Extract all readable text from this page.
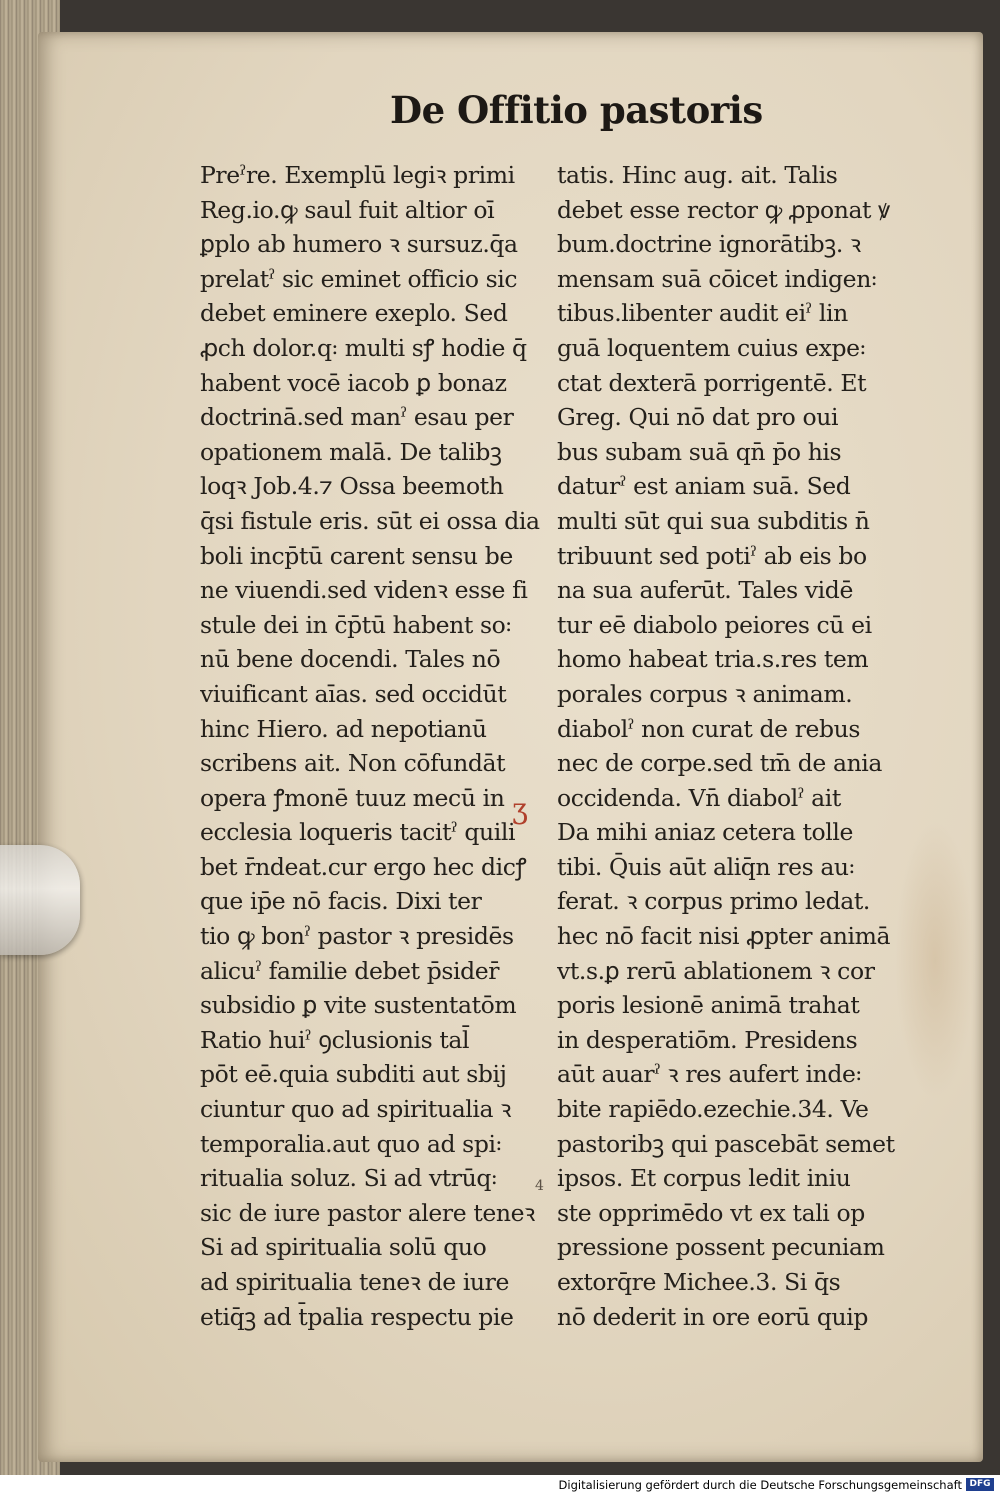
De Offitio pastoris
Preˀre. Exemplū legiꝛ primi
Reg.io.ꝙ saul fuit altior oī
ꝑplo ab humero ꝛ sursuz.q̄a
prelatˀ sic eminet officio sic
debet eminere exeplo. Sed
ꝓch dolor.q꞉ multi sꝭ hodie q̄
habent vocē iacob ꝑ bonaz
doctrinā.sed manˀ esau per
opationem malā. De talibꝫ
loqꝛ Job.4.⁊ Ossa beemoth
q̄si fistule eris. sūt ei ossa dia
boli incp̄tū carent sensu be
ne viuendi.sed videnꝛ esse fi
stule dei in c̄p̄tū habent so꞉
nū bene docendi. Tales nō
viuificant aīas. sed occidūt
hinc Hiero. ad nepotianū
scribens ait. Non cōfundāt
opera ꝭmonē tuuz mecū in
ecclesia loqueris tacitˀ quili
bet r̄ndeat.cur ergo hec dicꝭ
que ip̄e nō facis. Dixi ter
tio ꝙ bonˀ pastor ꝛ presidēs
alicuˀ familie debet p̄sider̄
subsidio ꝑ vite sustentatōm
Ratio huiˀ ꝯclusionis tal̄
pōt eē.quia subditi aut sbij
ciuntur quo ad spiritualia ꝛ
temporalia.aut quo ad spi꞉
ritualia soluz. Si ad vtrūq꞉
sic de iure pastor alere teneꝛ
Si ad spiritualia solū quo
ad spiritualia teneꝛ de iure
etiq̄ꝫ ad t̄palia respectu pie
tatis. Hinc aug. ait. Talis
debet esse rector ꝙ ꝓponat ꝟ
bum.doctrine ignorātibꝫ. ꝛ
mensam suā cōicet indigen꞉
tibus.libenter audit eiˀ lin
guā loquentem cuius expe꞉
ctat dexterā porrigentē. Et
Greg. Qui nō dat pro oui
bus subam suā qn̄ p̄o his
daturˀ est aniam suā. Sed
multi sūt qui sua subditis n̄
tribuunt sed potiˀ ab eis bo
na sua auferūt. Tales vidē
tur eē diabolo peiores cū ei
homo habeat tria.s.res tem
porales corpus ꝛ animam.
diabolˀ non curat de rebus
nec de corpe.sed tm̄ de ania
occidenda. Vn̄ diabolˀ ait
Da mihi aniaz cetera tolle
tibi. Q̄uis aūt aliq̄n res au꞉
ferat. ꝛ corpus primo ledat.
hec nō facit nisi ꝓpter animā
vt.s.ꝑ rerū ablationem ꝛ cor
poris lesionē animā trahat
in desperatiōm. Presidens
aūt auarˀ ꝛ res aufert inde꞉
bite rapiēdo.ezechie.34. Ve
pastoribꝫ qui pascebāt semet
ipsos. Et corpus ledit iniu
ste opprimēdo vt ex tali op
pressione possent pecuniam
extorq̄re Michee.3. Si q̄s
nō dederit in ore eorū quip
ʒ
4
Digitalisierung gefördert durch die Deutsche Forschungsgemeinschaft DFG
